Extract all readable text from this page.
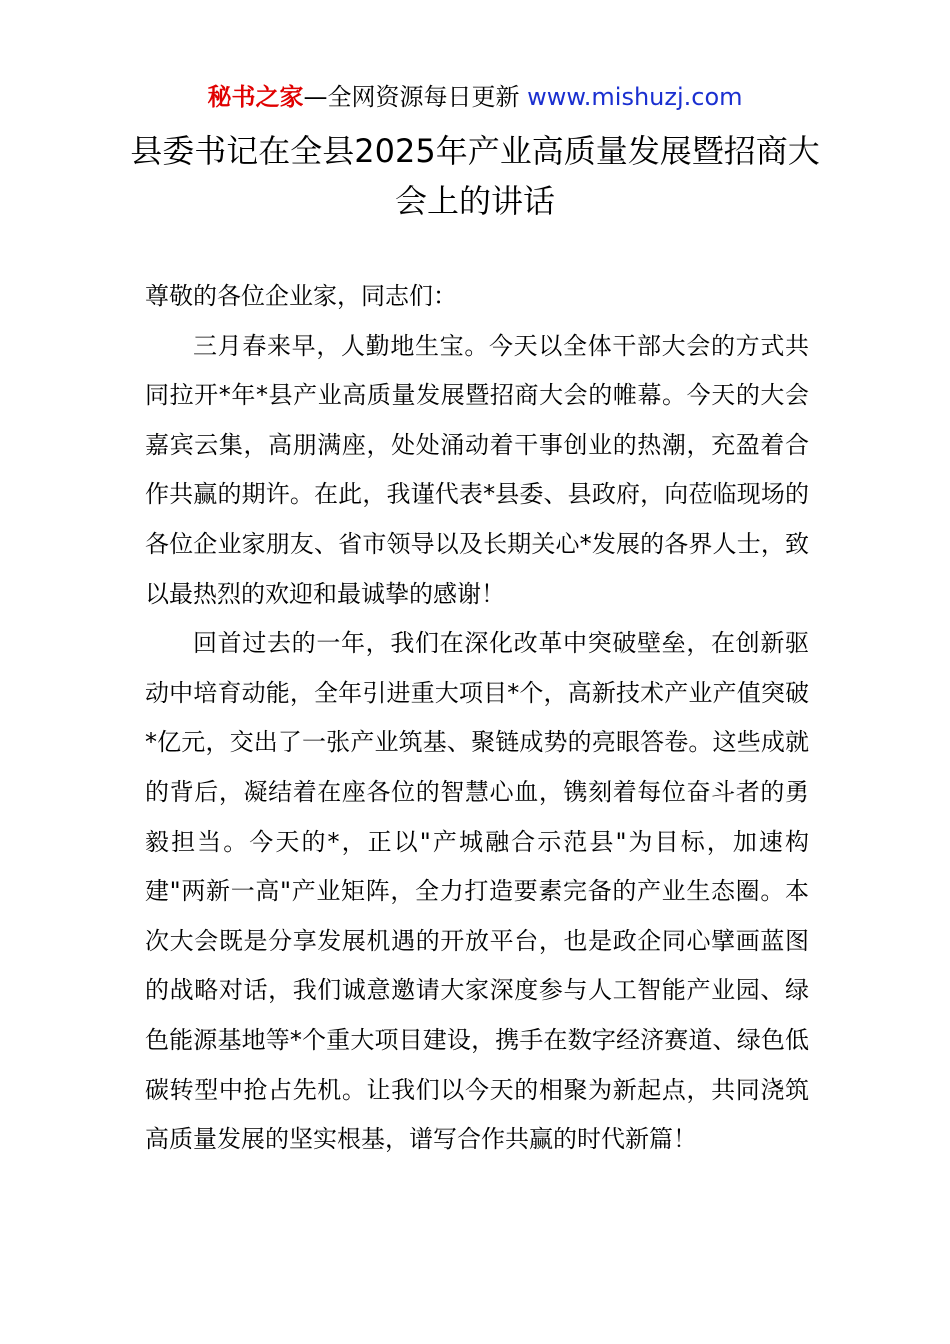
秘书之家—全网资源每日更新 www.mishuzj.com
县委书记在全县2025年产业高质量发展暨招商大会上的讲话

尊敬的各位企业家，同志们：

三月春来早，人勤地生宝。今天以全体干部大会的方式共同拉开*年*县产业高质量发展暨招商大会的帷幕。今天的大会嘉宾云集，高朋满座，处处涌动着干事创业的热潮，充盈着合作共赢的期许。在此，我谨代表*县委、县政府，向莅临现场的各位企业家朋友、省市领导以及长期关心*发展的各界人士，致以最热烈的欢迎和最诚挚的感谢！

回首过去的一年，我们在深化改革中突破壁垒，在创新驱动中培育动能，全年引进重大项目*个，高新技术产业产值突破*亿元，交出了一张产业筑基、聚链成势的亮眼答卷。这些成就的背后，凝结着在座各位的智慧心血，镌刻着每位奋斗者的勇毅担当。今天的*，正以"产城融合示范县"为目标，加速构建"两新一高"产业矩阵，全力打造要素完备的产业生态圈。本次大会既是分享发展机遇的开放平台，也是政企同心擘画蓝图的战略对话，我们诚意邀请大家深度参与人工智能产业园、绿色能源基地等*个重大项目建设，携手在数字经济赛道、绿色低碳转型中抢占先机。让我们以今天的相聚为新起点，共同浇筑高质量发展的坚实根基，谱写合作共赢的时代新篇！
